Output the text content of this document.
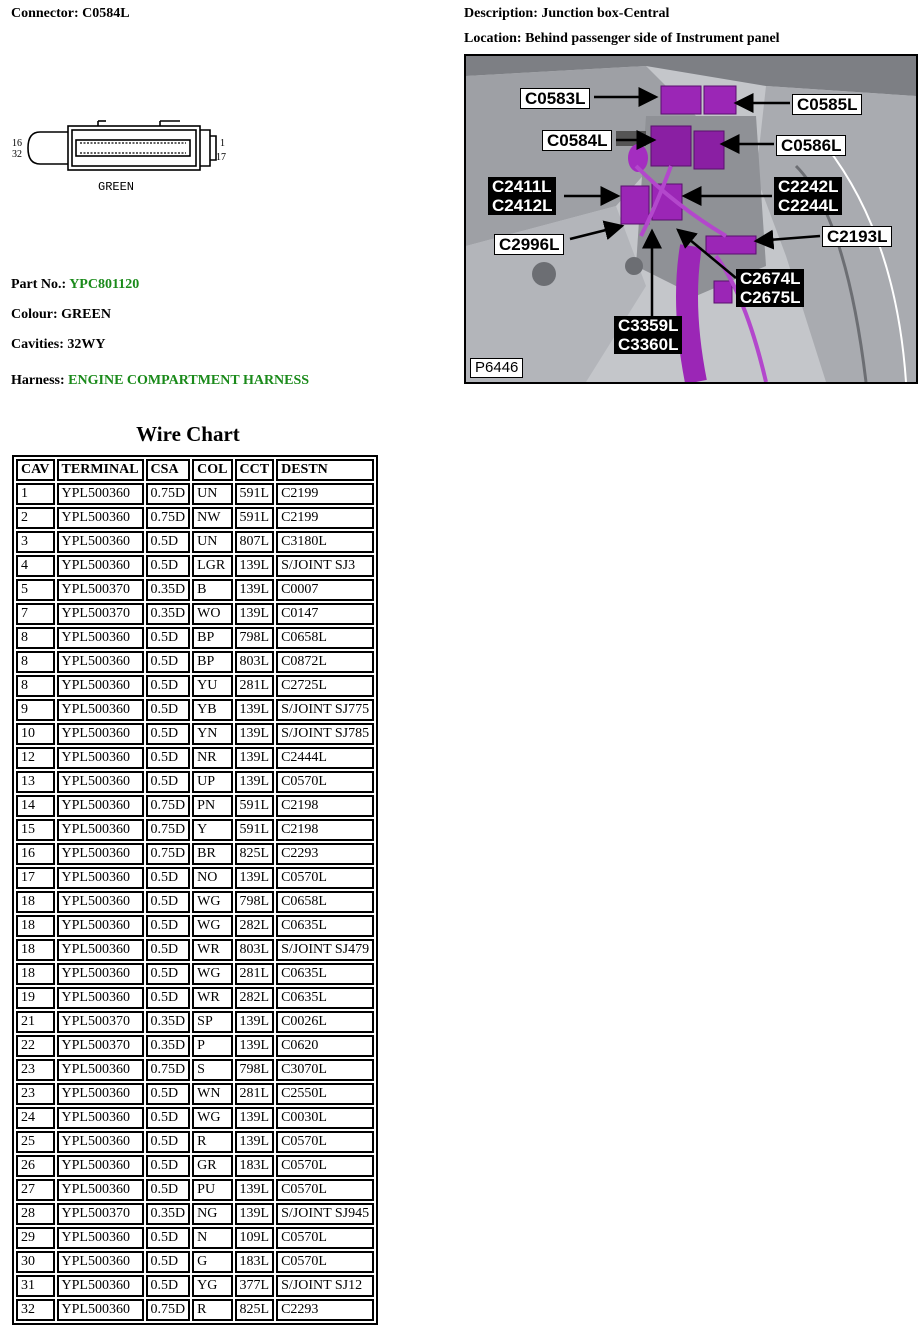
Connector: C0584L	Description: Junction box-Central
Location: Behind passenger side of Instrument panel
16
32
1
17
GREEN
Part No.: YPC801120
Colour: GREEN
Cavities: 32WY
Harness: ENGINE COMPARTMENT HARNESS
C0583L	C0585L
C0584L	C0586L
C2411L
C2412L
C2242L
C2244L
C2193L
C2996L
C2674L
C2675L
C3359L
C3360L
P6446
Wire Chart
CAV	TERMINAL	CSA	COL	CCT	DESTN
1	YPL500360	0.75D	UN	591L	C2199
2	YPL500360	0.75D	NW	591L	C2199
3	YPL500360	0.5D	UN	807L	C3180L
4	YPL500360	0.5D	LGR	139L	S/JOINT SJ3
5	YPL500370	0.35D	B	139L	C0007
7	YPL500370	0.35D	WO	139L	C0147
8	YPL500360	0.5D	BP	798L	C0658L
8	YPL500360	0.5D	BP	803L	C0872L
8	YPL500360	0.5D	YU	281L	C2725L
9	YPL500360	0.5D	YB	139L	S/JOINT SJ775
10	YPL500360	0.5D	YN	139L	S/JOINT SJ785
12	YPL500360	0.5D	NR	139L	C2444L
13	YPL500360	0.5D	UP	139L	C0570L
14	YPL500360	0.75D	PN	591L	C2198
15	YPL500360	0.75D	Y	591L	C2198
16	YPL500360	0.75D	BR	825L	C2293
17	YPL500360	0.5D	NO	139L	C0570L
18	YPL500360	0.5D	WG	798L	C0658L
18	YPL500360	0.5D	WG	282L	C0635L
18	YPL500360	0.5D	WR	803L	S/JOINT SJ479
18	YPL500360	0.5D	WG	281L	C0635L
19	YPL500360	0.5D	WR	282L	C0635L
21	YPL500370	0.35D	SP	139L	C0026L
22	YPL500370	0.35D	P	139L	C0620
23	YPL500360	0.75D	S	798L	C3070L
23	YPL500360	0.5D	WN	281L	C2550L
24	YPL500360	0.5D	WG	139L	C0030L
25	YPL500360	0.5D	R	139L	C0570L
26	YPL500360	0.5D	GR	183L	C0570L
27	YPL500360	0.5D	PU	139L	C0570L
28	YPL500370	0.35D	NG	139L	S/JOINT SJ945
29	YPL500360	0.5D	N	109L	C0570L
30	YPL500360	0.5D	G	183L	C0570L
31	YPL500360	0.5D	YG	377L	S/JOINT SJ12
32	YPL500360	0.75D	R	825L	C2293
